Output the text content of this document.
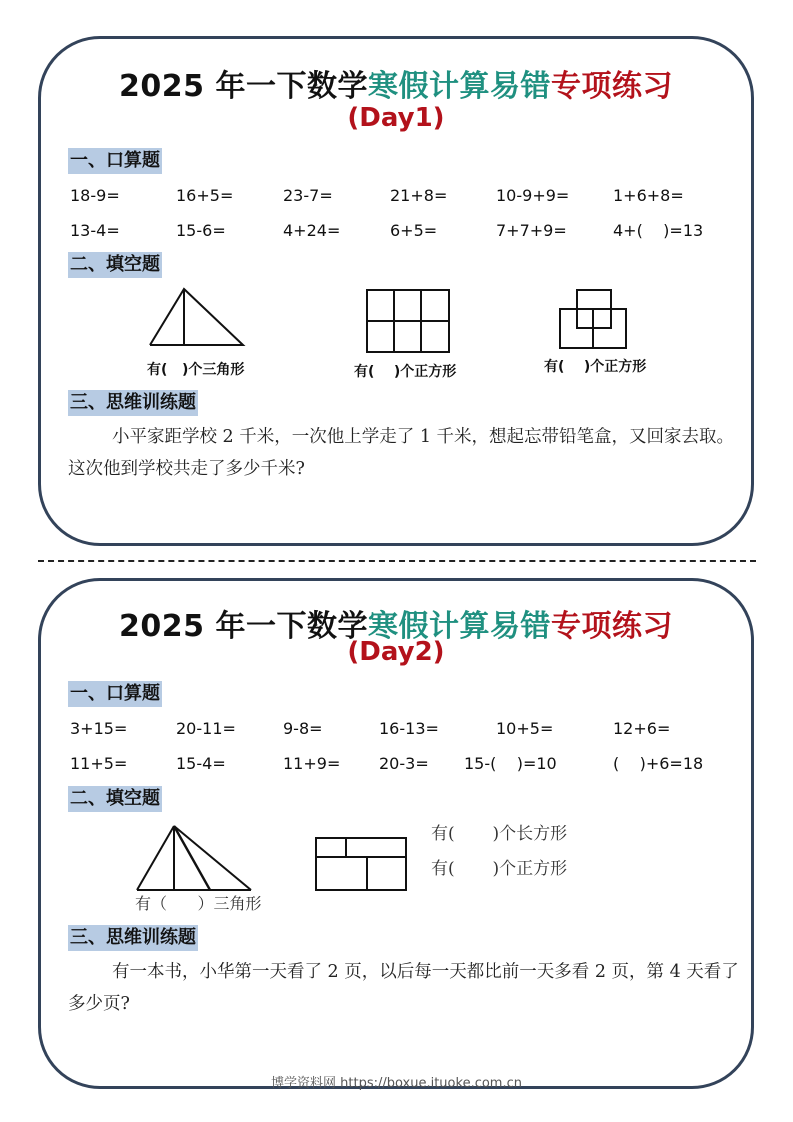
2025 年一下数学寒假计算易错专项练习
(Day1)
一、口算题
18-9=	16+5=	23-7=	21+8=	10-9+9=	1+6+8=
13-4=	15-6=	4+24=	6+5=	7+7+9=	4+(    )=13
二、填空题
有(   )个三角形	有(    )个正方形	有(    )个正方形
三、思维训练题
小平家距学校 2 千米，一次他上学走了 1 千米，想起忘带铅笔盒，又回家去取。这次他到学校共走了多少千米?
2025 年一下数学寒假计算易错专项练习
(Day2)
一、口算题
3+15=	20-11=	9-8=	16-13=	10+5=	12+6=
11+5=	15-4=	11+9= 20-3= 15-(    )=10	(    )+6=18
二、填空题
有（      ）三角形
有(       )个长方形
有(       )个正方形
三、思维训练题
有一本书，小华第一天看了 2 页，以后每一天都比前一天多看 2 页，第 4 天看了多少页?
博学资料网 https://boxue.ituoke.com.cn
